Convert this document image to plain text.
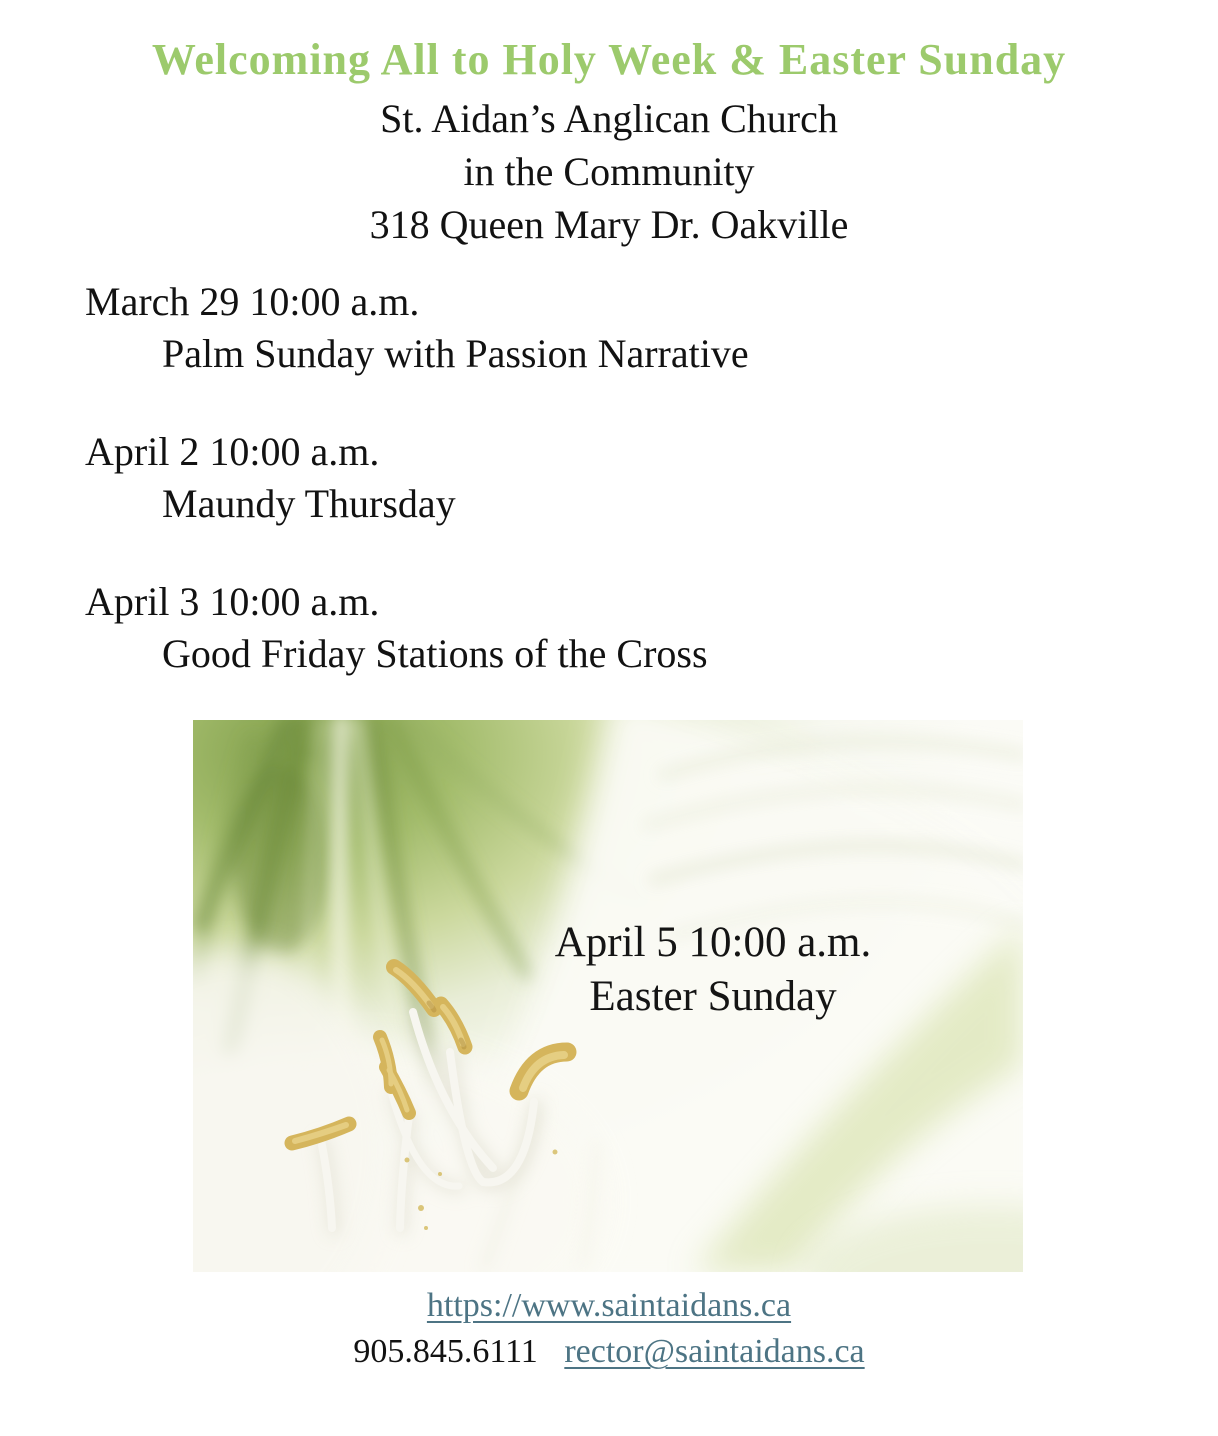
Welcoming All to Holy Week & Easter Sunday
St. Aidan’s Anglican Church
in the Community
318 Queen Mary Dr. Oakville
March 29 10:00 a.m.
Palm Sunday with Passion Narrative
April 2 10:00 a.m.
Maundy Thursday
April 3 10:00 a.m.
Good Friday Stations of the Cross
April 5 10:00 a.m.
Easter Sunday
https://www.saintaidans.ca
905.845.6111 rector@saintaidans.ca
